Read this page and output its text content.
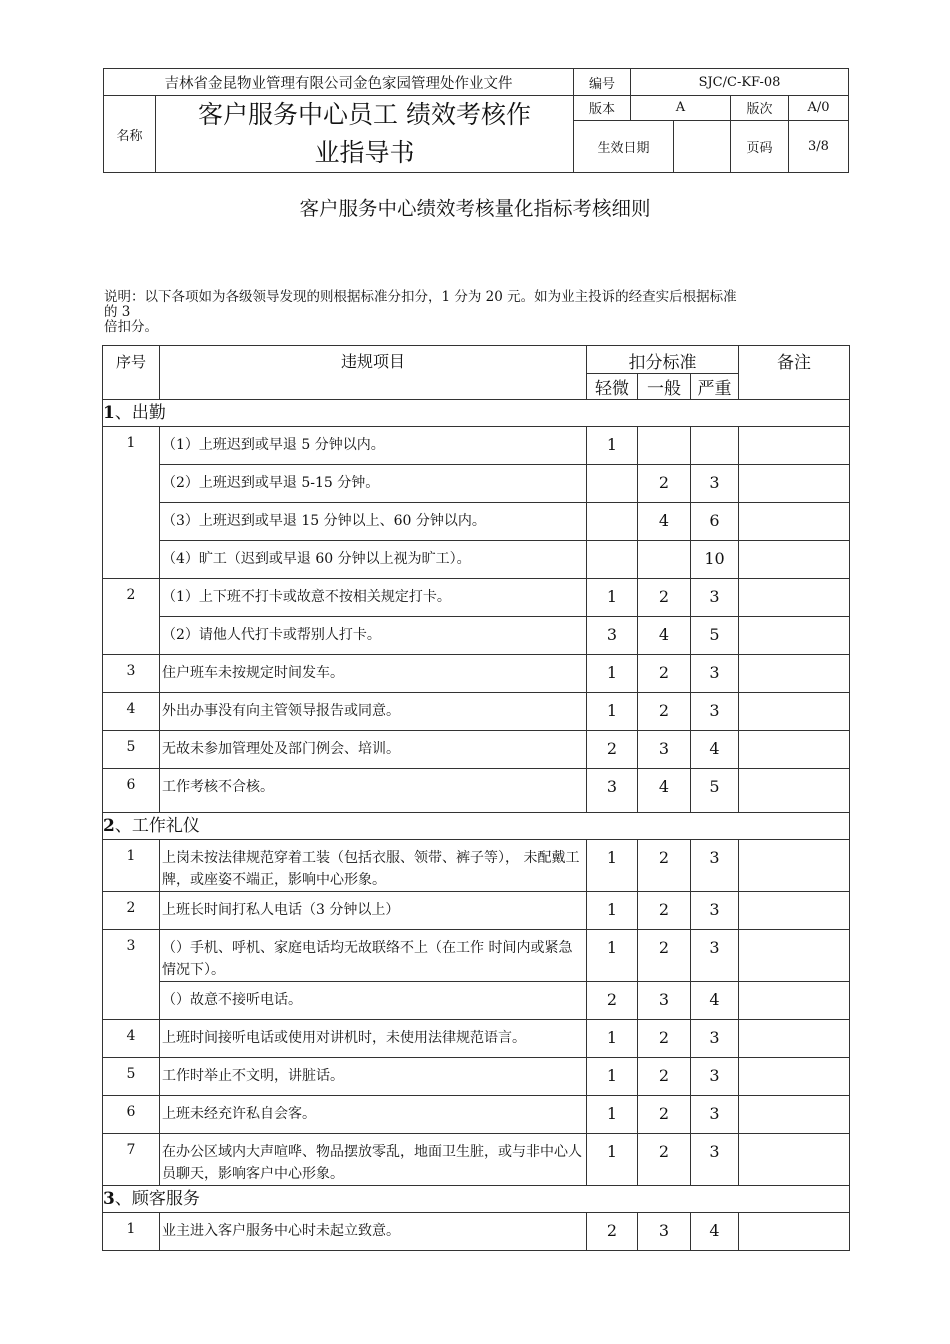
吉林省金昆物业管理有限公司金色家园管理处作业文件		编号	SJC/C-KF-08			
名称	客户服务中心员工 绩效考核作
业指导书	版本	A		版次	A/0
		生效日期			页码	3/8
客户服务中心绩效考核量化指标考核细则
说明：以下各项如为各级领导发现的则根据标准分扣分，1 分为 20 元。如为业主投诉的经查实后根据标准
的 3
倍扣分。
序号	违规项目	扣分标准			备注
		轻微	一般	严重	
1、出勤					
1	（1）上班迟到或早退 5 分钟以内。	1			
	（2）上班迟到或早退 5-15 分钟。		2	3	
	（3）上班迟到或早退 15 分钟以上、60 分钟以内。		4	6	
	（4）旷工（迟到或早退 60 分钟以上视为旷工）。			10	
2	（1）上下班不打卡或故意不按相关规定打卡。	1	2	3	
	（2）请他人代打卡或帮别人打卡。	3	4	5	
3	住户班车未按规定时间发车。	1	2	3	
4	外出办事没有向主管领导报告或同意。	1	2	3	
5	无故未参加管理处及部门例会、培训。	2	3	4	
6	工作考核不合核。	3	4	5	
2、工作礼仪					
1	上岗未按法律规范穿着工装（包括衣服、领带、裤子等）， 未配戴工牌，或座姿不端正，影响中心形象。	1	2	3	
2	上班长时间打私人电话（3 分钟以上）	1	2	3	
3	（）手机、呼机、家庭电话均无故联络不上（在工作 时间内或紧急情况下）。	1	2	3	
	（）故意不接听电话。	2	3	4	
4	上班时间接听电话或使用对讲机时，未使用法律规范语言。	1	2	3	
5	工作时举止不文明，讲脏话。	1	2	3	
6	上班未经充许私自会客。	1	2	3	
7	在办公区域内大声喧哗、物品摆放零乱，地面卫生脏，或与非中心人员聊天，影响客户中心形象。	1	2	3	
3、顾客服务					
1	业主进入客户服务中心时未起立致意。	2	3	4	
